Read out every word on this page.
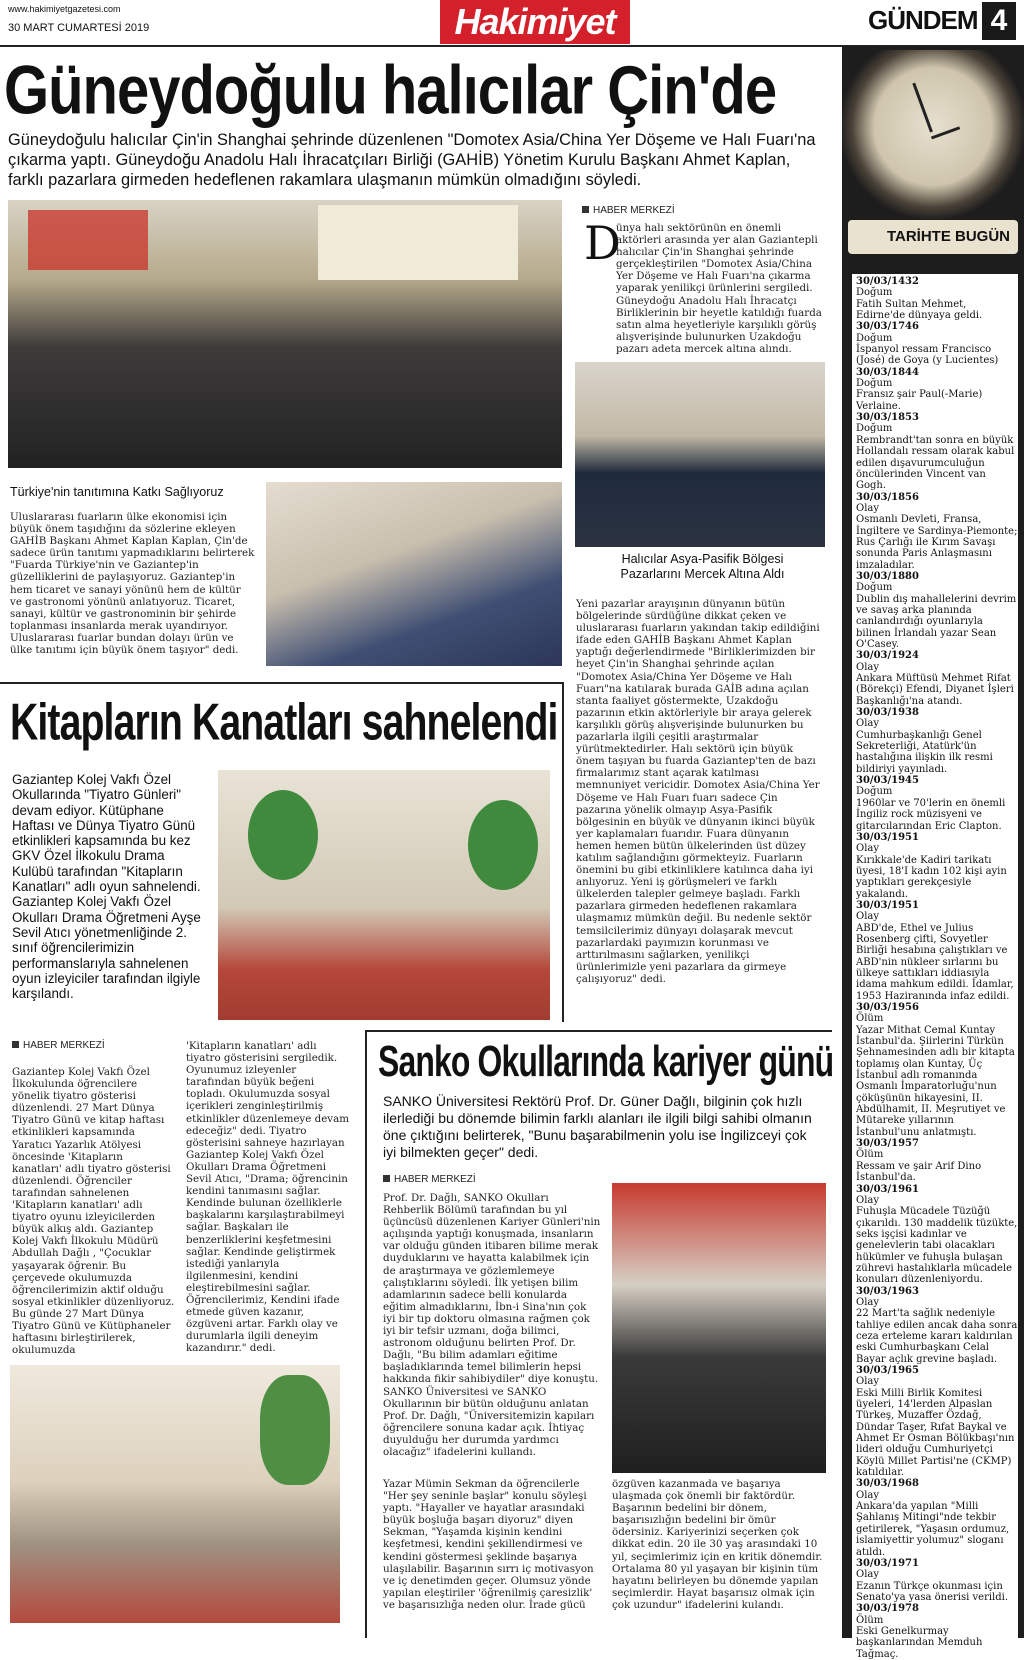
www.hakimiyetgazetesi.com
30 MART CUMARTESİ 2019	Hakimiyet	GÜNDEM 4
Güneydoğulu halıcılar Çin'de
Güneydoğulu halıcılar Çin'in Shanghai şehrinde düzenlenen "Domotex Asia/China Yer Döşeme ve Halı Fuarı'na çıkarma yaptı. Güneydoğu Anadolu Halı İhracatçıları Birliği (GAHİB) Yönetim Kurulu Başkanı Ahmet Kaplan, farklı pazarlara girmeden hedeflenen rakamlara ulaşmanın mümkün olmadığını söyledi.
HABER MERKEZİ
D
ünya halı sektörünün en önemli aktörleri arasında yer alan Gaziantepli halıcılar Çin'in Shanghai şehrinde gerçekleştirilen "Domotex Asia/China Yer Döşeme ve Halı Fuarı'na çıkarma yaparak yenilikçi ürünlerini sergiledi. Güneydoğu Anadolu Halı İhracatçı Birliklerinin bir heyetle katıldığı fuarda satın alma heyetleriyle karşılıklı görüş alışverişinde bulunurken Uzakdoğu pazarı adeta mercek altına alındı.
Halıcılar Asya-Pasifik Bölgesi Pazarlarını Mercek Altına Aldı
Yeni pazarlar arayışının dünyanın bütün bölgelerinde sürdüğüne dikkat çeken ve uluslararası fuarların yakından takip edildiğini ifade eden GAHİB Başkanı Ahmet Kaplan yaptığı değerlendirmede "Birliklerimizden bir heyet Çin'in Shanghai şehrinde açılan "Domotex Asia/China Yer Döşeme ve Halı Fuarı"na katılarak burada GAİB adına açılan stanta faaliyet göstermekte, Uzakdoğu pazarının etkin aktörleriyle bir araya gelerek karşılıklı görüş alışverişinde bulunurken bu pazarlarla ilgili çeşitli araştırmalar yürütmektedirler. Halı sektörü için büyük önem taşıyan bu fuarda Gaziantep'ten de bazı firmalarımız stant açarak katılması memnuniyet vericidir. Domotex Asia/China Yer Döşeme ve Halı Fuarı fuarı sadece Çin pazarına yönelik olmayıp Asya-Pasifik bölgesinin en büyük ve dünyanın ikinci büyük yer kaplamaları fuarıdır. Fuara dünyanın hemen hemen bütün ülkelerinden üst düzey katılım sağlandığını görmekteyiz. Fuarların önemini bu gibi etkinliklere katılınca daha iyi anlıyoruz. Yeni iş görüşmeleri ve farklı ülkelerden talepler gelmeye başladı. Farklı pazarlara girmeden hedeflenen rakamlara ulaşmamız mümkün değil. Bu nedenle sektör temsilcilerimiz dünyayı dolaşarak mevcut pazarlardaki payımızın korunması ve arttırılmasını sağlarken, yenilikçi ürünlerimizle yeni pazarlara da girmeye çalışıyoruz" dedi.
Türkiye'nin tanıtımına Katkı Sağlıyoruz
Uluslararası fuarların ülke ekonomisi için büyük önem taşıdığını da sözlerine ekleyen GAHİB Başkanı Ahmet Kaplan Kaplan, Çin'de sadece ürün tanıtımı yapmadıklarını belirterek "Fuarda Türkiye'nin ve Gaziantep'in güzelliklerini de paylaşıyoruz. Gaziantep'in hem ticaret ve sanayi yönünü hem de kültür ve gastronomi yönünü anlatıyoruz. Ticaret, sanayi, kültür ve gastronominin bir şehirde toplanması insanlarda merak uyandırıyor. Uluslararası fuarlar bundan dolayı ürün ve ülke tanıtımı için büyük önem taşıyor" dedi.
Kitapların Kanatları sahnelendi
Gaziantep Kolej Vakfı Özel Okullarında "Tiyatro Günleri" devam ediyor. Kütüphane Haftası ve Dünya Tiyatro Günü etkinlikleri kapsamında bu kez GKV Özel İlkokulu Drama Kulübü tarafından "Kitapların Kanatları" adlı oyun sahnelendi. Gaziantep Kolej Vakfı Özel Okulları Drama Öğretmeni Ayşe Sevil Atıcı yönetmenliğinde 2. sınıf öğrencilerimizin performanslarıyla sahnelenen oyun izleyiciler tarafından ilgiyle karşılandı.
HABER MERKEZİ
Gaziantep Kolej Vakfı Özel İlkokulunda öğrencilere yönelik tiyatro gösterisi düzenlendi. 27 Mart Dünya Tiyatro Günü ve kitap haftası etkinlikleri kapsamında Yaratıcı Yazarlık Atölyesi öncesinde 'Kitapların kanatları' adlı tiyatro gösterisi düzenlendi. Öğrenciler tarafından sahnelenen 'Kitapların kanatları' adlı tiyatro oyunu izleyicilerden büyük alkış aldı. Gaziantep Kolej Vakfı İlkokulu Müdürü Abdullah Dağlı , "Çocuklar yaşayarak öğrenir. Bu çerçevede okulumuzda öğrencilerimizin aktif olduğu sosyal etkinlikler düzenliyoruz. Bu günde 27 Mart Dünya Tiyatro Günü ve Kütüphaneler haftasını birleştirilerek, okulumuzda
'Kitapların kanatları' adlı tiyatro gösterisini sergiledik. Oyunumuz izleyenler tarafından büyük beğeni topladı. Okulumuzda sosyal içerikleri zenginleştirilmiş etkinlikler düzenlemeye devam edeceğiz" dedi. Tiyatro gösterisini sahneye hazırlayan Gaziantep Kolej Vakfı Özel Okulları Drama Öğretmeni Sevil Atıcı, "Drama; öğrencinin kendini tanımasını sağlar. Kendinde bulunan özelliklerle başkalarını karşılaştırabilmeyi sağlar. Başkaları ile benzerliklerini keşfetmesini sağlar. Kendinde geliştirmek istediği yanlarıyla ilgilenmesini, kendini eleştirebilmesini sağlar. Öğrencilerimiz, Kendini ifade etmede güven kazanır, özgüveni artar. Farklı olay ve durumlarla ilgili deneyim kazandırır." dedi.
Sanko Okullarında kariyer günü
SANKO Üniversitesi Rektörü Prof. Dr. Güner Dağlı, bilginin çok hızlı ilerlediği bu dönemde bilimin farklı alanları ile ilgili bilgi sahibi olmanın öne çıktığını belirterek, "Bunu başarabilmenin yolu ise İngilizceyi çok iyi bilmekten geçer" dedi.
HABER MERKEZİ
Prof. Dr. Dağlı, SANKO Okulları Rehberlik Bölümü tarafından bu yıl üçüncüsü düzenlenen Kariyer Günleri'nin açılışında yaptığı konuşmada, insanların var olduğu günden itibaren bilime merak duyduklarını ve hayatta kalabilmek için de araştırmaya ve gözlemlemeye çalıştıklarını söyledi. İlk yetişen bilim adamlarının sadece belli konularda eğitim almadıklarını, İbn-i Sina'nın çok iyi bir tıp doktoru olmasına rağmen çok iyi bir tefsir uzmanı, doğa bilimci, astronom olduğunu belirten Prof. Dr. Dağlı, "Bu bilim adamları eğitime başladıklarında temel bilimlerin hepsi hakkında fikir sahibiydiler" diye konuştu. SANKO Üniversitesi ve SANKO Okullarının bir bütün olduğunu anlatan Prof. Dr. Dağlı, "Üniversitemizin kapıları öğrencilere sonuna kadar açık. İhtiyaç duyulduğu her durumda yardımcı olacağız" ifadelerini kullandı.
Yazar Mümin Sekman da öğrencilerle "Her şey seninle başlar" konulu söyleşi yaptı. "Hayaller ve hayatlar arasındaki büyük boşluğa başarı diyoruz" diyen Sekman, "Yaşamda kişinin kendini keşfetmesi, kendini şekillendirmesi ve kendini göstermesi şeklinde başarıya ulaşılabilir. Başarının sırrı iç motivasyon ve iç denetimden geçer. Olumsuz yönde yapılan eleştiriler 'öğrenilmiş çaresizlik' ve başarısızlığa neden olur. İrade gücü
özgüven kazanmada ve başarıya ulaşmada çok önemli bir faktördür. Başarının bedelini bir dönem, başarısızlığın bedelini bir ömür ödersiniz. Kariyerinizi seçerken çok dikkat edin. 20 ile 30 yaş arasındaki 10 yıl, seçimlerimiz için en kritik dönemdir. Ortalama 80 yıl yaşayan bir kişinin tüm hayatını belirleyen bu dönemde yapılan seçimlerdir. Hayat başarısız olmak için çok uzundur" ifadelerini kulandı.
TARİHTE BUGÜN
30/03/1432
Doğum
Fatih Sultan Mehmet, Edirne'de dünyaya geldi.
30/03/1746
Doğum
İspanyol ressam Francisco (José) de Goya (y Lucientes)
30/03/1844
Doğum
Fransız şair Paul(-Marie) Verlaine.
30/03/1853
Doğum
Rembrandt'tan sonra en büyük Hollandalı ressam olarak kabul edilen dışavurumculuğun öncülerinden Vincent van Gogh.
30/03/1856
Olay
Osmanlı Devleti, Fransa, İngiltere ve Sardinya-Piemonte; Rus Çarlığı ile Kırım Savaşı sonunda Paris Anlaşmasını imzaladılar.
30/03/1880
Doğum
Dublin dış mahallelerini devrim ve savaş arka planında canlandırdığı oyunlarıyla bilinen İrlandalı yazar Sean O'Casey.
30/03/1924
Olay
Ankara Müftüsü Mehmet Rifat (Börekçi) Efendi, Diyanet İşleri Başkanlığı'na atandı.
30/03/1938
Olay
Cumhurbaşkanlığı Genel Sekreterliği, Atatürk'ün hastalığına ilişkin ilk resmi bildiriyi yayınladı.
30/03/1945
Doğum
1960lar ve 70'lerin en önemli İngiliz rock müzisyeni ve gitarcılarından Eric Clapton.
30/03/1951
Olay
Kırıkkale'de Kadiri tarikatı üyesi, 18'I kadın 102 kişi ayin yaptıkları gerekçesiyle yakalandı.
30/03/1951
Olay
ABD'de, Ethel ve Julius Rosenberg çifti, Sovyetler Birliği hesabına çalıştıkları ve ABD'nin nükleer sırlarını bu ülkeye sattıkları iddiasıyla idama mahkum edildi. İdamlar, 1953 Haziranında infaz edildi.
30/03/1956
Ölüm
Yazar Mithat Cemal Kuntay İstanbul'da. Şiirlerini Türkün Şehnamesinden adlı bir kitapta toplamış olan Kuntay, Üç İstanbul adlı romanında Osmanlı İmparatorluğu'nun çöküşünün hikayesini, II. Abdülhamit, II. Meşrutiyet ve Mütareke yıllarının İstanbul'unu anlatmıştı.
30/03/1957
Ölüm
Ressam ve şair Arif Dino İstanbul'da.
30/03/1961
Olay
Fuhuşla Mücadele Tüzüğü çıkarıldı. 130 maddelik tüzükte, seks işçisi kadınlar ve genelevlerin tabi olacakları hükümler ve fuhuşla bulaşan zührevi hastalıklarla mücadele konuları düzenleniyordu.
30/03/1963
Olay
22 Mart'ta sağlık nedeniyle tahliye edilen ancak daha sonra ceza erteleme kararı kaldırılan eski Cumhurbaşkanı Celal Bayar açlık grevine başladı.
30/03/1965
Olay
Eski Milli Birlik Komitesi üyeleri, 14'lerden Alpaslan Türkeş, Muzaffer Özdağ, Dündar Taşer, Rıfat Baykal ve Ahmet Er Osman Bölükbaşı'nın lideri olduğu Cumhuriyetçi Köylü Millet Partisi'ne (CKMP) katıldılar.
30/03/1968
Olay
Ankara'da yapılan "Milli Şahlanış Mitingi"nde tekbir getirilerek, "Yaşasın ordumuz, islamiyettir yolumuz" sloganı atıldı.
30/03/1971
Olay
Ezanın Türkçe okunması için Senato'ya yasa önerisi verildi.
30/03/1978
Ölüm
Eski Genelkurmay başkanlarından Memduh Tağmaç.
